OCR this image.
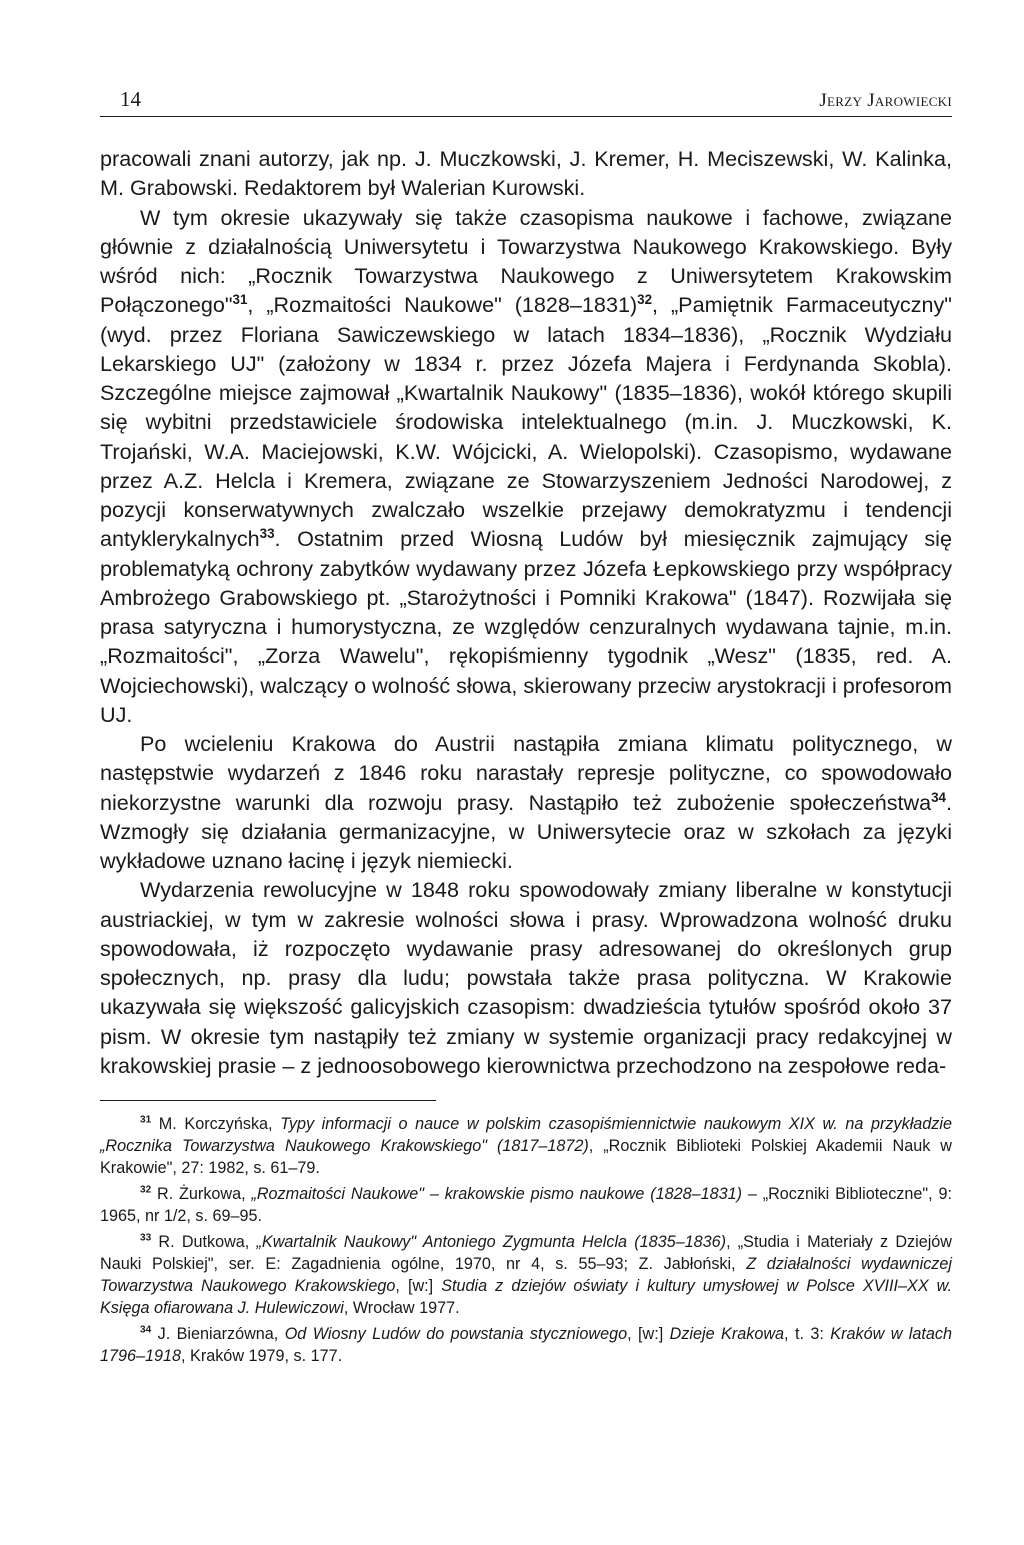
14	Jerzy Jarowiecki

pracowali znani autorzy, jak np. J. Muczkowski, J. Kremer, H. Meciszewski, W. Kalinka, M. Grabowski. Redaktorem był Walerian Kurowski.

W tym okresie ukazywały się także czasopisma naukowe i fachowe, związane głównie z działalnością Uniwersytetu i Towarzystwa Naukowego Krakowskiego. Były wśród nich: „Rocznik Towarzystwa Naukowego z Uniwersytetem Krakowskim Połączonego"$^{31}$, „Rozmaitości Naukowe" (1828–1831)$^{32}$, „Pamiętnik Farmaceutyczny" (wyd. przez Floriana Sawiczewskiego w latach 1834–1836), „Rocznik Wydziału Lekarskiego UJ" (założony w 1834 r. przez Józefa Majera i Ferdynanda Skobla). Szczególne miejsce zajmował „Kwartalnik Naukowy" (1835–1836), wokół którego skupili się wybitni przedstawiciele środowiska intelektualnego (m.in. J. Muczkowski, K. Trojański, W.A. Maciejowski, K.W. Wójcicki, A. Wielopolski). Czasopismo, wydawane przez A.Z. Helcla i Kremera, związane ze Stowarzyszeniem Jedności Narodowej, z pozycji konserwatywnych zwalczało wszelkie przejawy demokratyzmu i tendencji antyklerykalnych$^{33}$. Ostatnim przed Wiosną Ludów był miesięcznik zajmujący się problematyką ochrony zabytków wydawany przez Józefa Łepkowskiego przy współpracy Ambrożego Grabowskiego pt. „Starożytności i Pomniki Krakowa" (1847). Rozwijała się prasa satyryczna i humorystyczna, ze względów cenzuralnych wydawana tajnie, m.in. „Rozmaitości", „Zorza Wawelu", rękopiśmienny tygodnik „Wesz" (1835, red. A. Wojciechowski), walczący o wolność słowa, skierowany przeciw arystokracji i profesorom UJ.

Po wcieleniu Krakowa do Austrii nastąpiła zmiana klimatu politycznego, w następstwie wydarzeń z 1846 roku narastały represje polityczne, co spowodowało niekorzystne warunki dla rozwoju prasy. Nastąpiło też zubożenie społeczeństwa$^{34}$. Wzmogły się działania germanizacyjne, w Uniwersytecie oraz w szkołach za języki wykładowe uznano łacinę i język niemiecki.

Wydarzenia rewolucyjne w 1848 roku spowodowały zmiany liberalne w konstytucji austriackiej, w tym w zakresie wolności słowa i prasy. Wprowadzona wolność druku spowodowała, iż rozpoczęto wydawanie prasy adresowanej do określonych grup społecznych, np. prasy dla ludu; powstała także prasa polityczna. W Krakowie ukazywała się większość galicyjskich czasopism: dwadzieścia tytułów spośród około 37 pism. W okresie tym nastąpiły też zmiany w systemie organizacji pracy redakcyjnej w krakowskiej prasie – z jednoosobowego kierownictwa przechodzono na zespołowe reda-

$^{31}$ M. Korczyńska, Typy informacji o nauce w polskim czasopiśmiennictwie naukowym XIX w. na przykładzie „Rocznika Towarzystwa Naukowego Krakowskiego" (1817–1872), „Rocznik Biblioteki Polskiej Akademii Nauk w Krakowie", 27: 1982, s. 61–79.

$^{32}$ R. Żurkowa, „Rozmaitości Naukowe" – krakowskie pismo naukowe (1828–1831) – „Roczniki Biblioteczne", 9: 1965, nr 1/2, s. 69–95.

$^{33}$ R. Dutkowa, „Kwartalnik Naukowy" Antoniego Zygmunta Helcla (1835–1836), „Studia i Materiały z Dziejów Nauki Polskiej", ser. E: Zagadnienia ogólne, 1970, nr 4, s. 55–93; Z. Jabłoński, Z działalności wydawniczej Towarzystwa Naukowego Krakowskiego, [w:] Studia z dziejów oświaty i kultury umysłowej w Polsce XVIII–XX w. Księga ofiarowana J. Hulewiczowi, Wrocław 1977.

$^{34}$ J. Bieniarzówna, Od Wiosny Ludów do powstania styczniowego, [w:] Dzieje Krakowa, t. 3: Kraków w latach 1796–1918, Kraków 1979, s. 177.
